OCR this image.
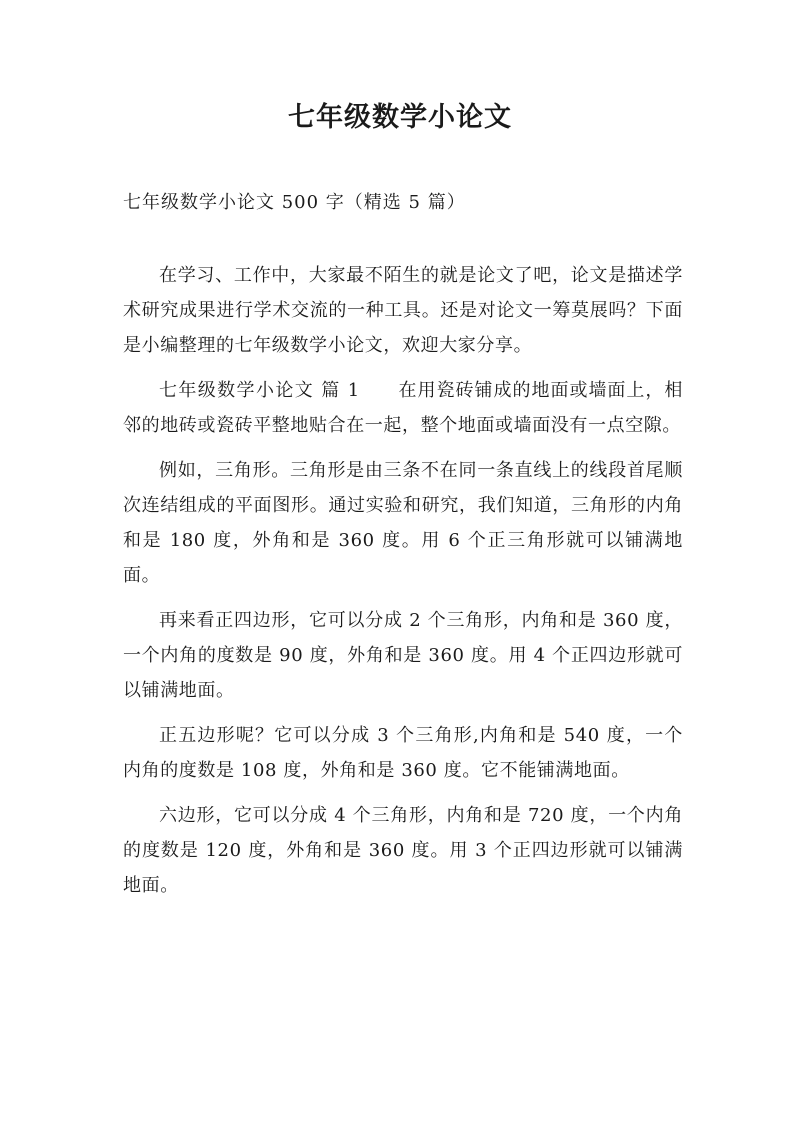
七年级数学小论文
七年级数学小论文 500 字（精选 5 篇）

在学习、工作中，大家最不陌生的就是论文了吧，论文是描述学术研究成果进行学术交流的一种工具。还是对论文一筹莫展吗？下面是小编整理的七年级数学小论文，欢迎大家分享。

七年级数学小论文 篇 1 在用瓷砖铺成的地面或墙面上，相邻的地砖或瓷砖平整地贴合在一起，整个地面或墙面没有一点空隙。

例如，三角形。三角形是由三条不在同一条直线上的线段首尾顺次连结组成的平面图形。通过实验和研究，我们知道，三角形的内角和是 180 度，外角和是 360 度。用 6 个正三角形就可以铺满地面。

再来看正四边形，它可以分成 2 个三角形，内角和是 360 度，一个内角的度数是 90 度，外角和是 360 度。用 4 个正四边形就可以铺满地面。

正五边形呢？它可以分成 3 个三角形,内角和是 540 度，一个内角的度数是 108 度，外角和是 360 度。它不能铺满地面。

六边形，它可以分成 4 个三角形，内角和是 720 度，一个内角的度数是 120 度，外角和是 360 度。用 3 个正四边形就可以铺满地面。
